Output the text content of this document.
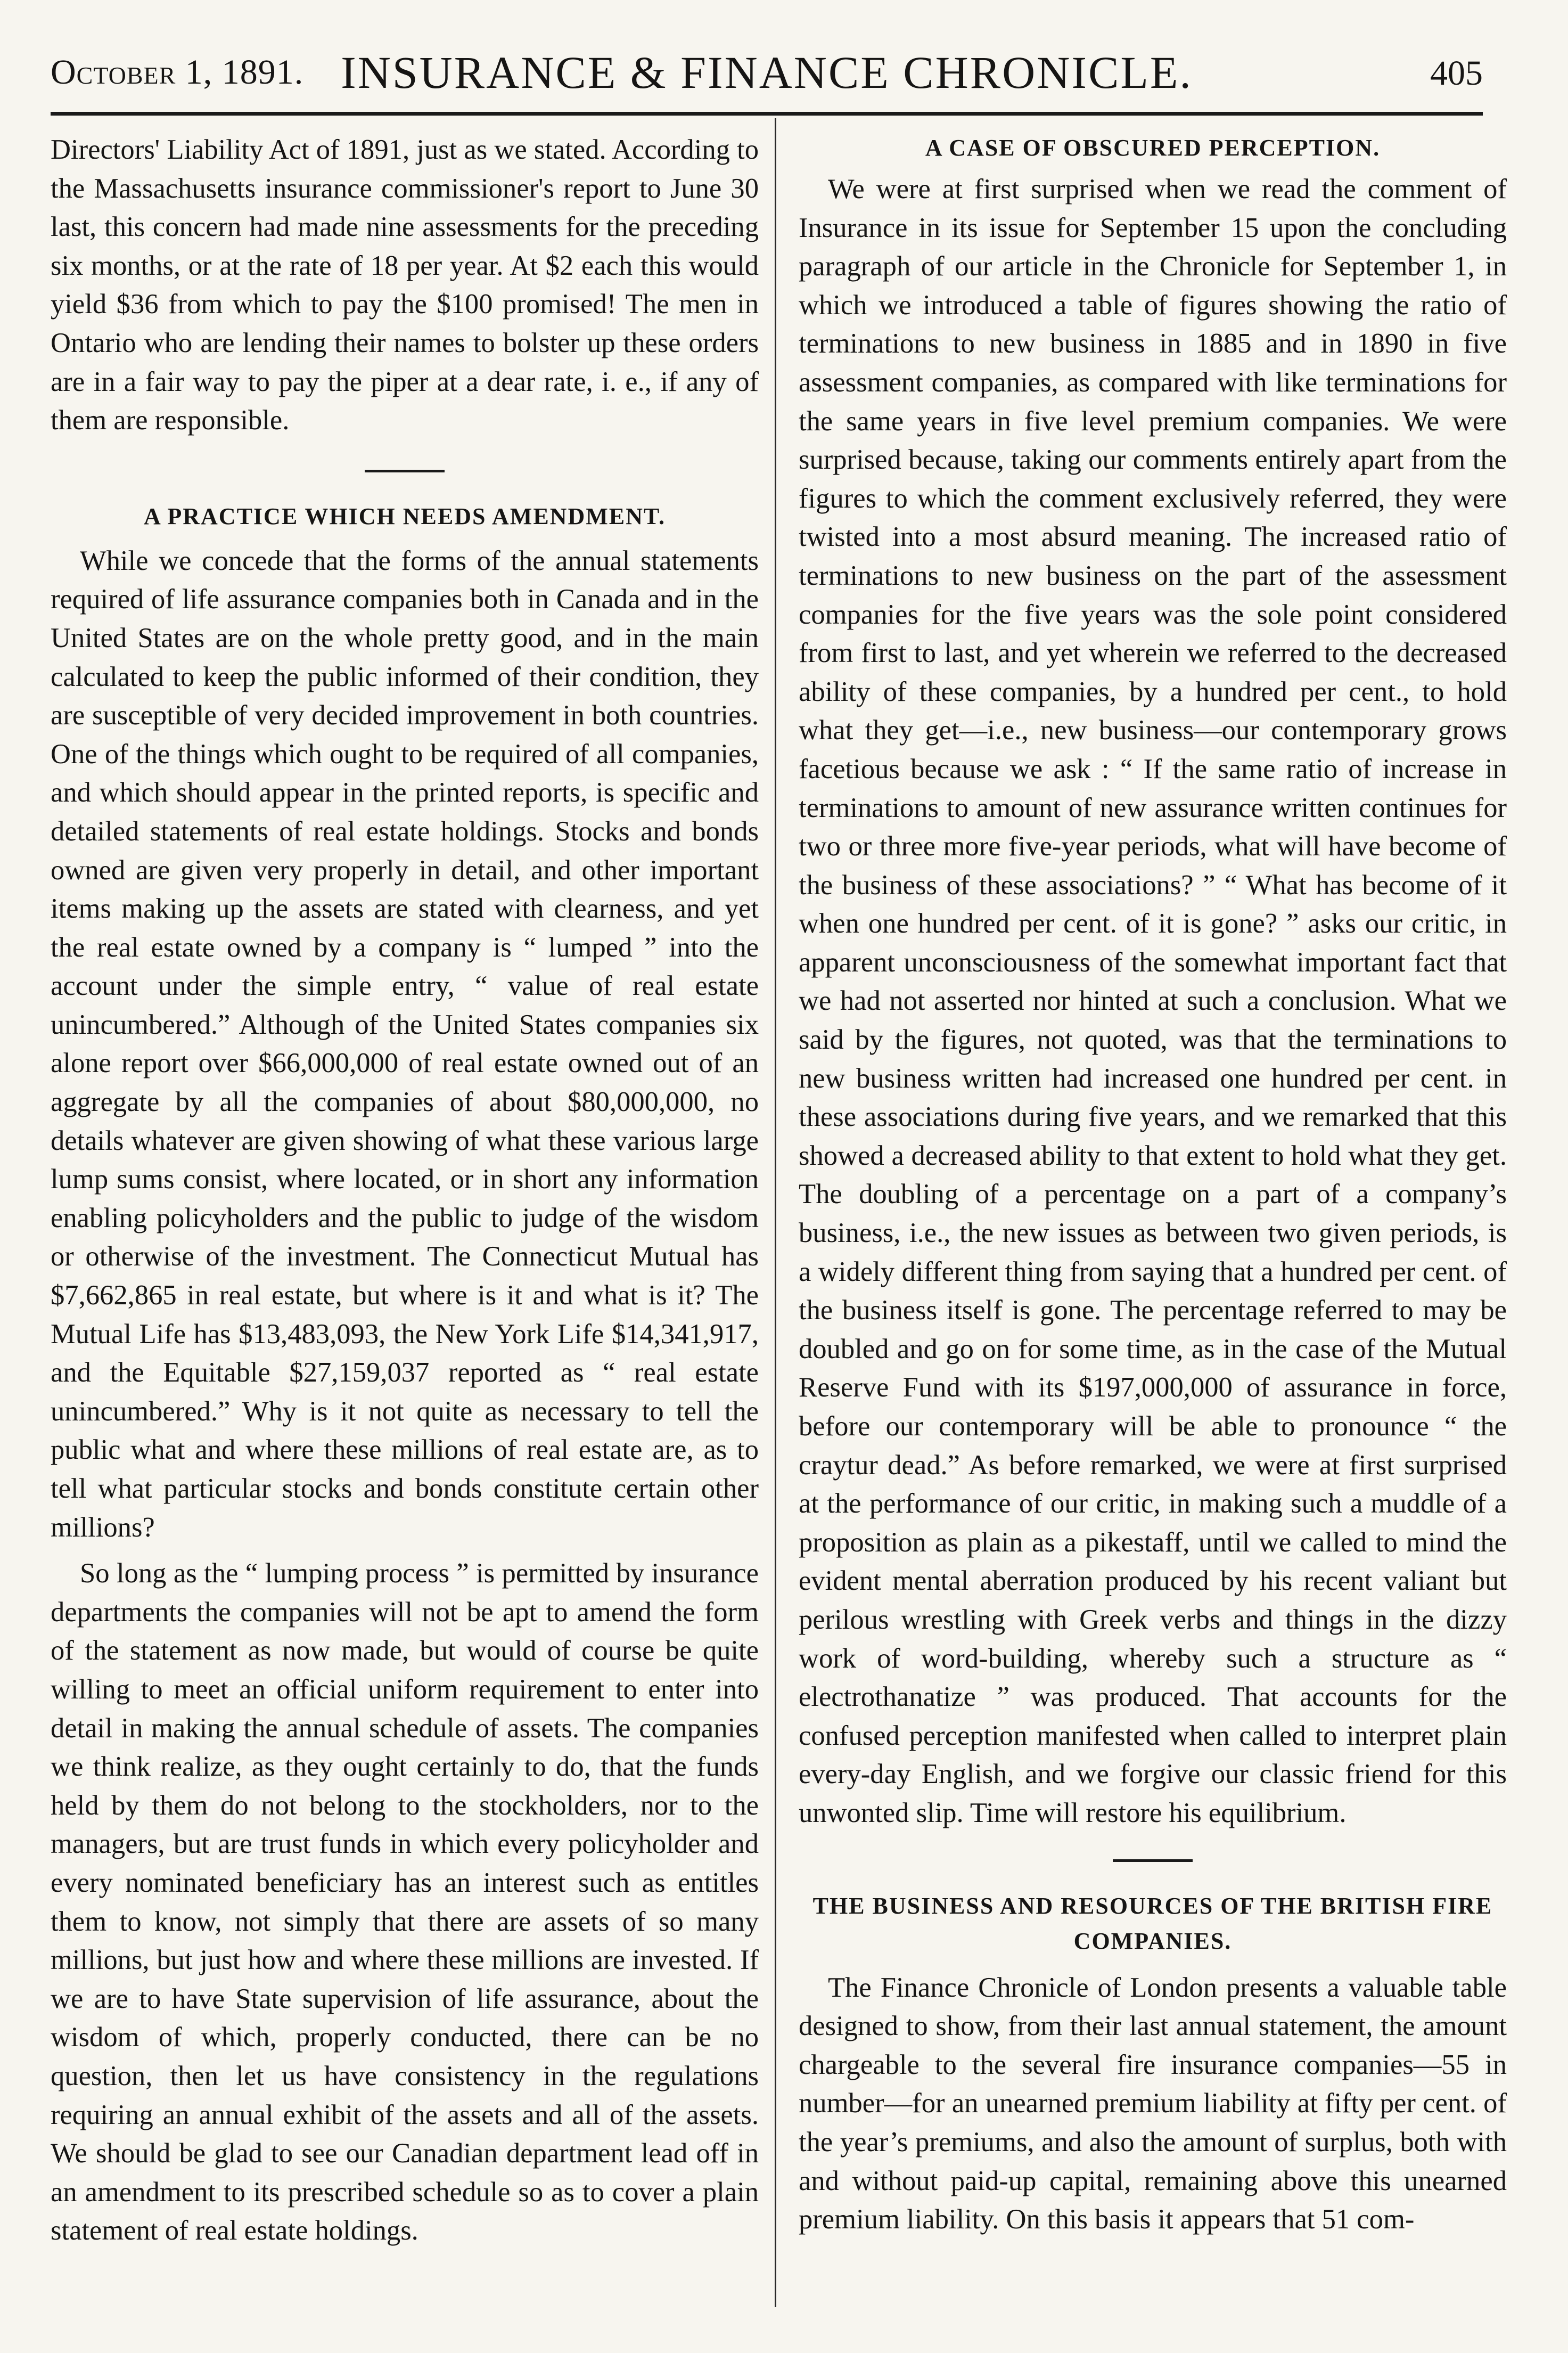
October 1, 1891. INSURANCE & FINANCE CHRONICLE.	405

Directors' Liability Act of 1891, just as we stated. According to the Massachusetts insurance commissioner's report to June 30 last, this concern had made nine assessments for the preceding six months, or at the rate of 18 per year. At $2 each this would yield $36 from which to pay the $100 promised! The men in Ontario who are lending their names to bolster up these orders are in a fair way to pay the piper at a dear rate, i. e., if any of them are responsible.

A PRACTICE WHICH NEEDS AMENDMENT.

While we concede that the forms of the annual statements required of life assurance companies both in Canada and in the United States are on the whole pretty good, and in the main calculated to keep the public informed of their condition, they are susceptible of very decided improvement in both countries. One of the things which ought to be required of all companies, and which should appear in the printed reports, is specific and detailed statements of real estate holdings. Stocks and bonds owned are given very properly in detail, and other important items making up the assets are stated with clearness, and yet the real estate owned by a company is “ lumped ” into the account under the simple entry, “ value of real estate unincumbered.” Although of the United States companies six alone report over $66,000,000 of real estate owned out of an aggregate by all the companies of about $80,000,000, no details whatever are given showing of what these various large lump sums consist, where located, or in short any information enabling policyholders and the public to judge of the wisdom or otherwise of the investment. The Connecticut Mutual has $7,662,865 in real estate, but where is it and what is it? The Mutual Life has $13,483,093, the New York Life $14,341,917, and the Equitable $27,159,037 reported as “ real estate unincumbered.” Why is it not quite as necessary to tell the public what and where these millions of real estate are, as to tell what particular stocks and bonds constitute certain other millions?

So long as the “ lumping process ” is permitted by insurance departments the companies will not be apt to amend the form of the statement as now made, but would of course be quite willing to meet an official uniform requirement to enter into detail in making the annual schedule of assets. The companies we think realize, as they ought certainly to do, that the funds held by them do not belong to the stockholders, nor to the managers, but are trust funds in which every policyholder and every nominated beneficiary has an interest such as entitles them to know, not simply that there are assets of so many millions, but just how and where these millions are invested. If we are to have State supervision of life assurance, about the wisdom of which, properly conducted, there can be no question, then let us have consistency in the regulations requiring an annual exhibit of the assets and all of the assets. We should be glad to see our Canadian department lead off in an amendment to its prescribed schedule so as to cover a plain statement of real estate holdings.

A CASE OF OBSCURED PERCEPTION.

We were at first surprised when we read the comment of Insurance in its issue for September 15 upon the concluding paragraph of our article in the Chronicle for September 1, in which we introduced a table of figures showing the ratio of terminations to new business in 1885 and in 1890 in five assessment companies, as compared with like terminations for the same years in five level premium companies. We were surprised because, taking our comments entirely apart from the figures to which the comment exclusively referred, they were twisted into a most absurd meaning. The increased ratio of terminations to new business on the part of the assessment companies for the five years was the sole point considered from first to last, and yet wherein we referred to the decreased ability of these companies, by a hundred per cent., to hold what they get—i.e., new business—our contemporary grows facetious because we ask : “ If the same ratio of increase in terminations to amount of new assurance written continues for two or three more five-year periods, what will have become of the business of these associations? ” “ What has become of it when one hundred per cent. of it is gone? ” asks our critic, in apparent unconsciousness of the somewhat important fact that we had not asserted nor hinted at such a conclusion. What we said by the figures, not quoted, was that the terminations to new business written had increased one hundred per cent. in these associations during five years, and we remarked that this showed a decreased ability to that extent to hold what they get. The doubling of a percentage on a part of a company’s business, i.e., the new issues as between two given periods, is a widely different thing from saying that a hundred per cent. of the business itself is gone. The percentage referred to may be doubled and go on for some time, as in the case of the Mutual Reserve Fund with its $197,000,000 of assurance in force, before our contemporary will be able to pronounce “ the craytur dead.” As before remarked, we were at first surprised at the performance of our critic, in making such a muddle of a proposition as plain as a pikestaff, until we called to mind the evident mental aberration produced by his recent valiant but perilous wrestling with Greek verbs and things in the dizzy work of word-building, whereby such a structure as “ electrothanatize ” was produced. That accounts for the confused perception manifested when called to interpret plain every-day English, and we forgive our classic friend for this unwonted slip. Time will restore his equilibrium.

THE BUSINESS AND RESOURCES OF THE BRITISH FIRE COMPANIES.

The Finance Chronicle of London presents a valuable table designed to show, from their last annual statement, the amount chargeable to the several fire insurance companies—55 in number—for an unearned premium liability at fifty per cent. of the year’s premiums, and also the amount of surplus, both with and without paid-up capital, remaining above this unearned premium liability. On this basis it appears that 51 com-
